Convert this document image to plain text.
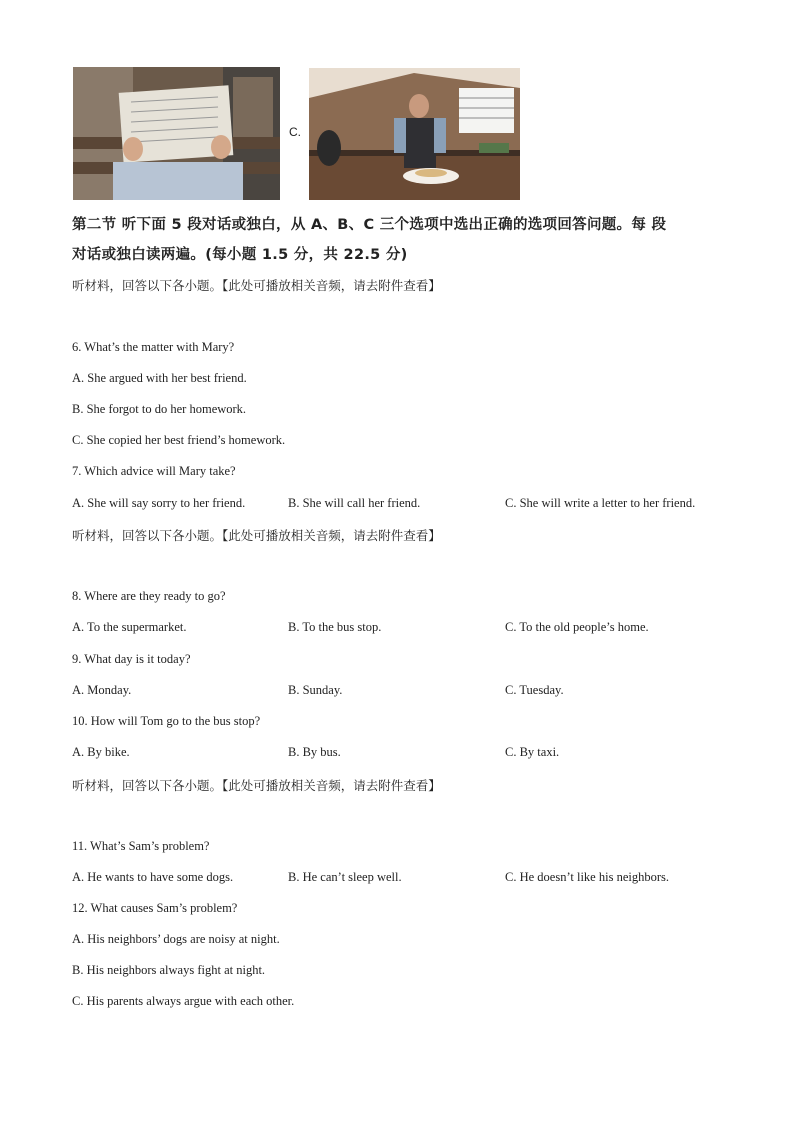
C.
第二节 听下面 5 段对话或独白，从 A、B、C 三个选项中选出正确的选项回答问题。每 段
对话或独白读两遍。(每小题 1.5 分，共 22.5 分)
听材料，回答以下各小题。【此处可播放相关音频，请去附件查看】
6. What’s the matter with Mary?
A. She argued with her best friend.
B. She forgot to do her homework.
C. She copied her best friend’s homework.
7. Which advice will Mary take?
A. She will say sorry to her friend.	B. She will call her friend.	C. She will write a letter to her friend.
听材料，回答以下各小题。【此处可播放相关音频，请去附件查看】
8. Where are they ready to go?
A. To the supermarket.	B. To the bus stop.	C. To the old people’s home.
9. What day is it today?
A. Monday.	B. Sunday.	C. Tuesday.
10. How will Tom go to the bus stop?
A. By bike.	B. By bus.	C. By taxi.
听材料，回答以下各小题。【此处可播放相关音频，请去附件查看】
11. What’s Sam’s problem?
A. He wants to have some dogs.	B. He can’t sleep well.	C. He doesn’t like his neighbors.
12. What causes Sam’s problem?
A. His neighbors’ dogs are noisy at night.
B. His neighbors always fight at night.
C. His parents always argue with each other.
